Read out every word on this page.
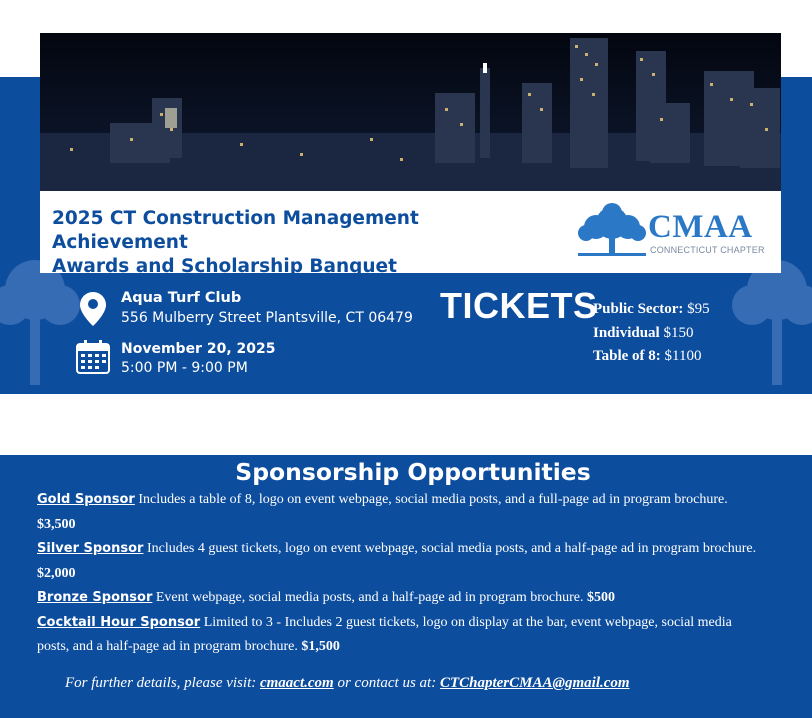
2025 CT Construction Management Achievement
Awards and Scholarship Banquet
CMAA
CONNECTICUT CHAPTER
Aqua Turf Club
556 Mulberry Street Plantsville, CT 06479
November 20, 2025
5:00 PM - 9:00 PM
TICKETS
Public Sector: $95
Individual $150
Table of 8: $1100
Sponsorship Opportunities
Gold Sponsor Includes a table of 8, logo on event webpage, social media posts, and a full-page ad in program brochure. $3,500
Silver Sponsor Includes 4 guest tickets, logo on event webpage, social media posts, and a half-page ad in program brochure. $2,000
Bronze Sponsor Event webpage, social media posts, and a half-page ad in program brochure. $500
Cocktail Hour Sponsor Limited to 3 - Includes 2 guest tickets, logo on display at the bar, event webpage, social media posts, and a half-page ad in program brochure. $1,500
For further details, please visit: cmaact.com or contact us at: CTChapterCMAA@gmail.com
